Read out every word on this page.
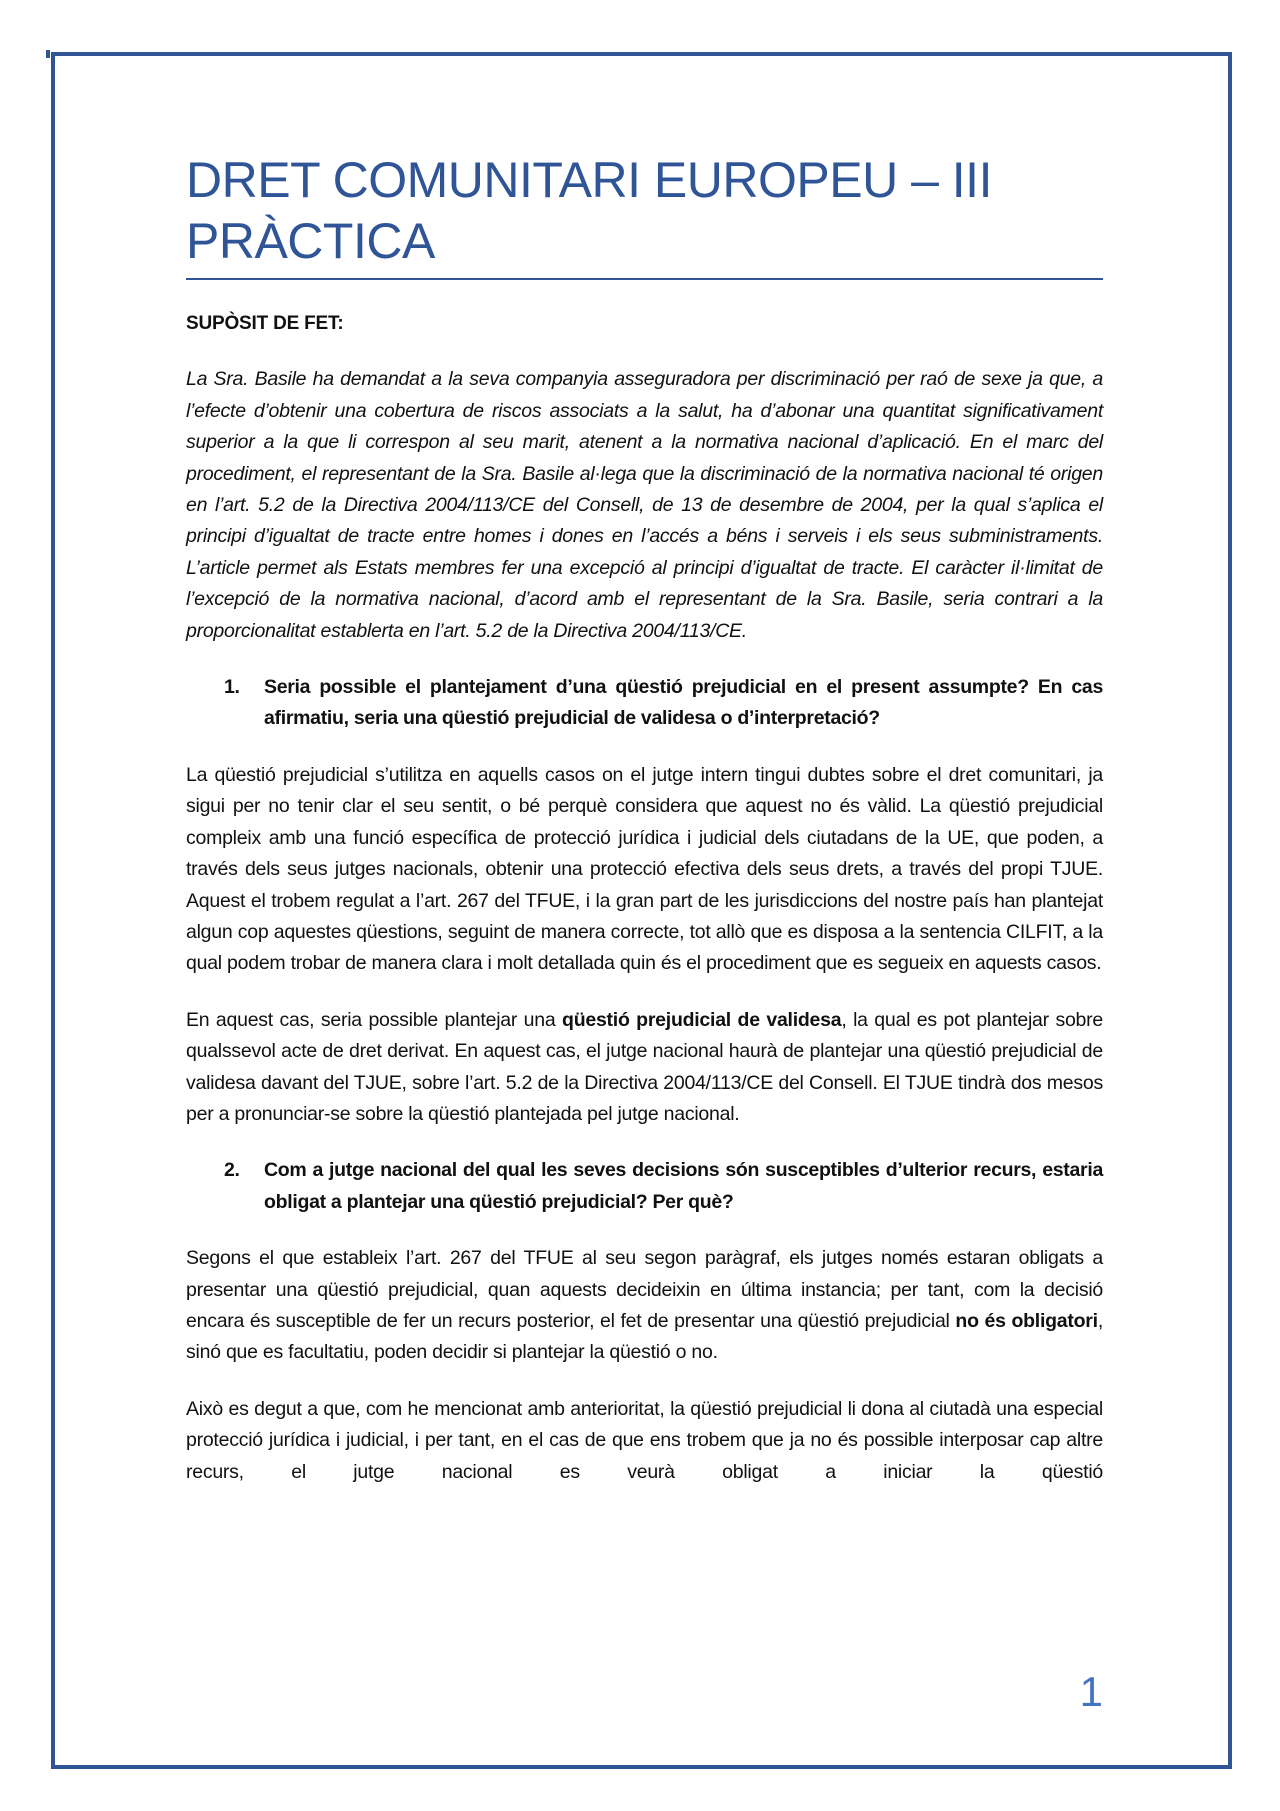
DRET COMUNITARI EUROPEU – III PRÀCTICA
SUPÒSIT DE FET:

La Sra. Basile ha demandat a la seva companyia asseguradora per discriminació per raó de sexe ja que, a l’efecte d’obtenir una cobertura de riscos associats a la salut, ha d’abonar una quantitat significativament superior a la que li correspon al seu marit, atenent a la normativa nacional d’aplicació. En el marc del procediment, el representant de la Sra. Basile al·lega que la discriminació de la normativa nacional té origen en l’art. 5.2 de la Directiva 2004/113/CE del Consell, de 13 de desembre de 2004, per la qual s’aplica el principi d’igualtat de tracte entre homes i dones en l’accés a béns i serveis i els seus subministraments. L’article permet als Estats membres fer una excepció al principi d’igualtat de tracte. El caràcter il·limitat de l’excepció de la normativa nacional, d’acord amb el representant de la Sra. Basile, seria contrari a la proporcionalitat establerta en l’art. 5.2 de la Directiva 2004/113/CE.

1.	Seria possible el plantejament d’una qüestió prejudicial en el present assumpte? En cas afirmatiu, seria una qüestió prejudicial de validesa o d’interpretació?

La qüestió prejudicial s’utilitza en aquells casos on el jutge intern tingui dubtes sobre el dret comunitari, ja sigui per no tenir clar el seu sentit, o bé perquè considera que aquest no és vàlid. La qüestió prejudicial compleix amb una funció específica de protecció jurídica i judicial dels ciutadans de la UE, que poden, a través dels seus jutges nacionals, obtenir una protecció efectiva dels seus drets, a través del propi TJUE. Aquest el trobem regulat a l’art. 267 del TFUE, i la gran part de les jurisdiccions del nostre país han plantejat algun cop aquestes qüestions, seguint de manera correcte, tot allò que es disposa a la sentencia CILFIT, a la qual podem trobar de manera clara i molt detallada quin és el procediment que es segueix en aquests casos.

En aquest cas, seria possible plantejar una qüestió prejudicial de validesa, la qual es pot plantejar sobre qualssevol acte de dret derivat. En aquest cas, el jutge nacional haurà de plantejar una qüestió prejudicial de validesa davant del TJUE, sobre l’art. 5.2 de la Directiva 2004/113/CE del Consell. El TJUE tindrà dos mesos per a pronunciar-se sobre la qüestió plantejada pel jutge nacional.

2.	Com a jutge nacional del qual les seves decisions són susceptibles d’ulterior recurs, estaria obligat a plantejar una qüestió prejudicial? Per què?

Segons el que estableix l’art. 267 del TFUE al seu segon paràgraf, els jutges només estaran obligats a presentar una qüestió prejudicial, quan aquests decideixin en última instancia; per tant, com la decisió encara és susceptible de fer un recurs posterior, el fet de presentar una qüestió prejudicial no és obligatori, sinó que es facultatiu, poden decidir si plantejar la qüestió o no.

Això es degut a que, com he mencionat amb anterioritat, la qüestió prejudicial li dona al ciutadà una especial protecció jurídica i judicial, i per tant, en el cas de que ens trobem que ja no és possible interposar cap altre recurs, el jutge nacional es veurà obligat a iniciar la qüestió

1
